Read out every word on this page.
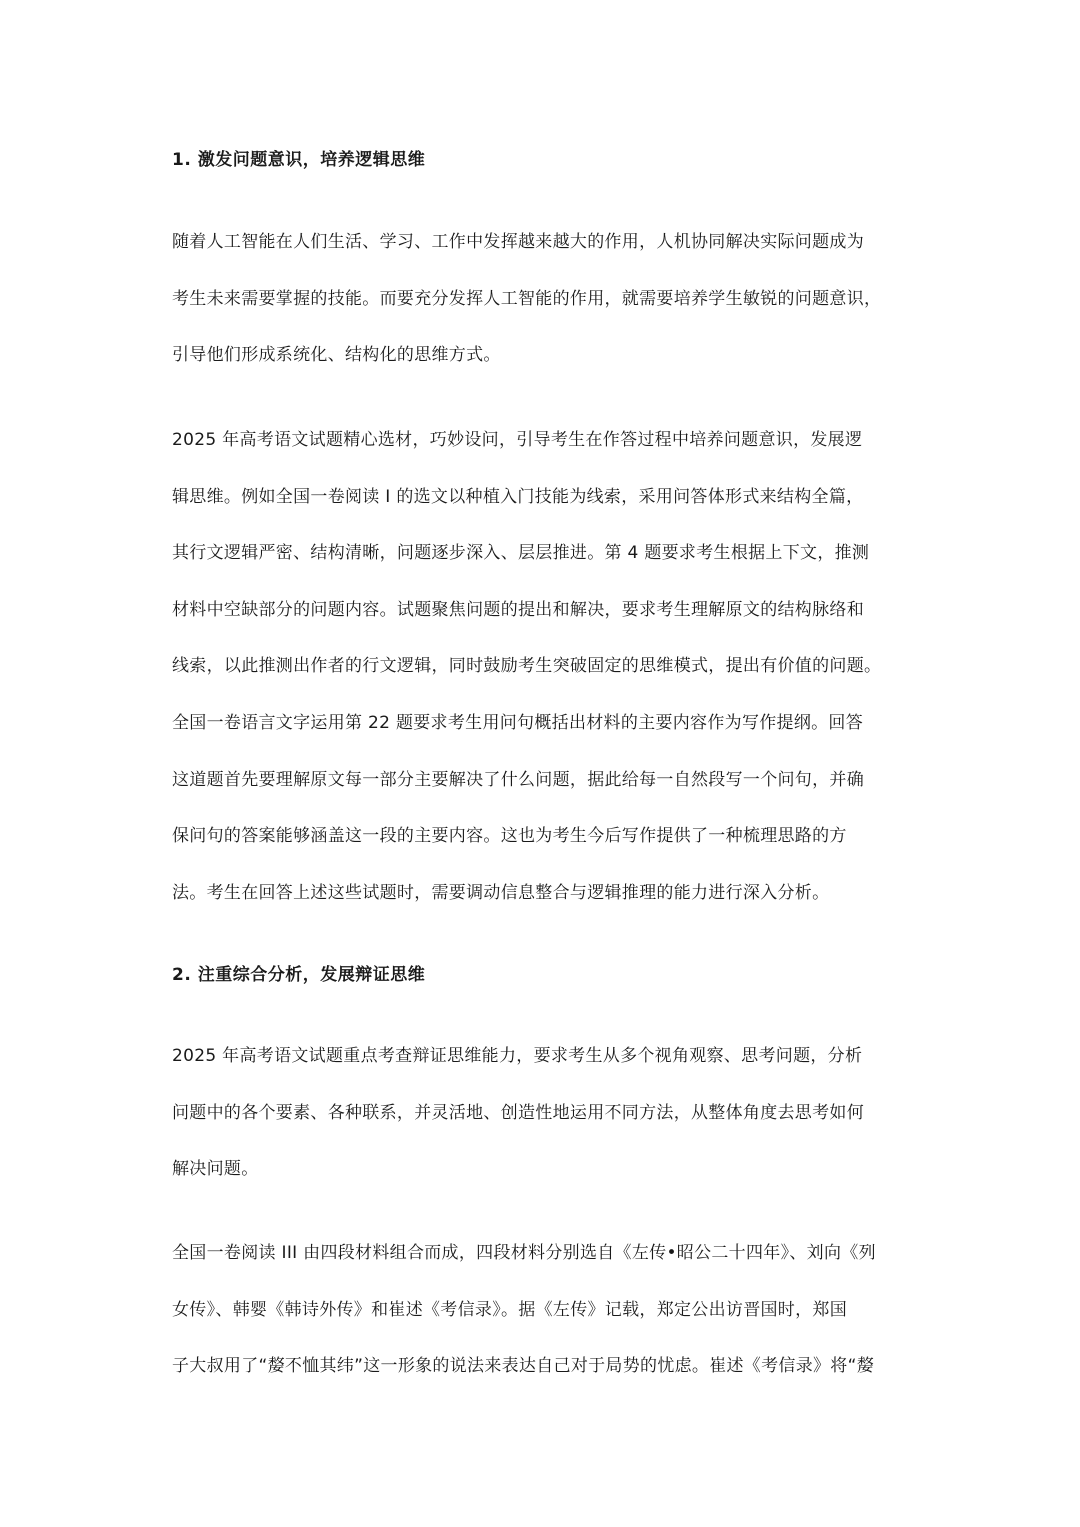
1. 激发问题意识，培养逻辑思维
随着人工智能在人们生活、学习、工作中发挥越来越大的作用，人机协同解决实际问题成为
考生未来需要掌握的技能。而要充分发挥人工智能的作用，就需要培养学生敏锐的问题意识，
引导他们形成系统化、结构化的思维方式。
2025 年高考语文试题精心选材，巧妙设问，引导考生在作答过程中培养问题意识，发展逻
辑思维。例如全国一卷阅读 I 的选文以种植入门技能为线索，采用问答体形式来结构全篇，
其行文逻辑严密、结构清晰，问题逐步深入、层层推进。第 4 题要求考生根据上下文，推测
材料中空缺部分的问题内容。试题聚焦问题的提出和解决，要求考生理解原文的结构脉络和
线索，以此推测出作者的行文逻辑，同时鼓励考生突破固定的思维模式，提出有价值的问题。
全国一卷语言文字运用第 22 题要求考生用问句概括出材料的主要内容作为写作提纲。回答
这道题首先要理解原文每一部分主要解决了什么问题，据此给每一自然段写一个问句，并确
保问句的答案能够涵盖这一段的主要内容。这也为考生今后写作提供了一种梳理思路的方
法。考生在回答上述这些试题时，需要调动信息整合与逻辑推理的能力进行深入分析。
2. 注重综合分析，发展辩证思维
2025 年高考语文试题重点考查辩证思维能力，要求考生从多个视角观察、思考问题，分析
问题中的各个要素、各种联系，并灵活地、创造性地运用不同方法，从整体角度去思考如何
解决问题。
全国一卷阅读 III 由四段材料组合而成，四段材料分别选自《左传•昭公二十四年》、刘向《列
女传》、韩婴《韩诗外传》和崔述《考信录》。据《左传》记载，郑定公出访晋国时，郑国
子大叔用了“嫠不恤其纬”这一形象的说法来表达自己对于局势的忧虑。崔述《考信录》将“嫠
